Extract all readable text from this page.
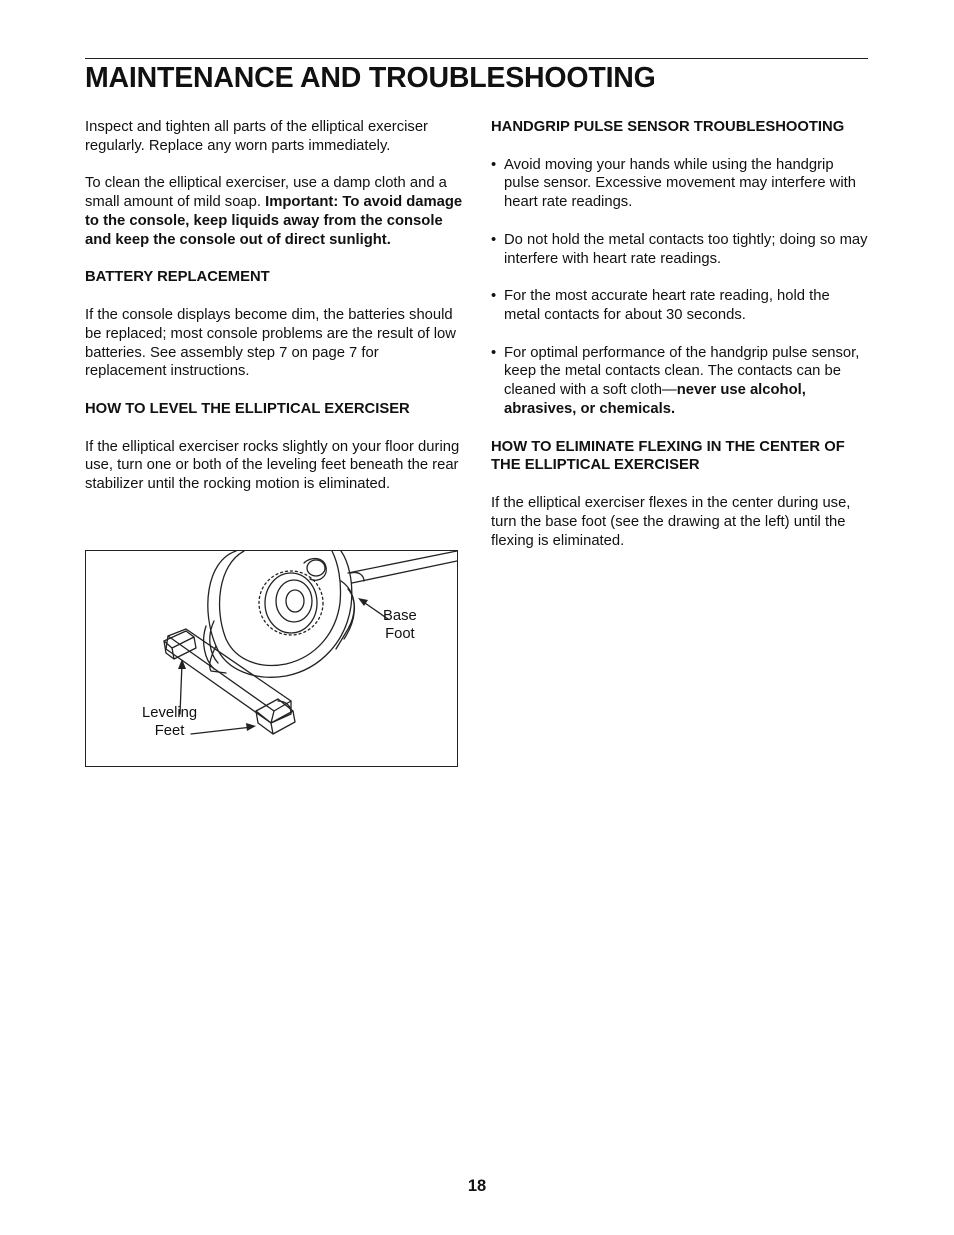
MAINTENANCE AND TROUBLESHOOTING

Inspect and tighten all parts of the elliptical exerciser regularly. Replace any worn parts immediately.

To clean the elliptical exerciser, use a damp cloth and a small amount of mild soap. Important: To avoid damage to the console, keep liquids away from the console and keep the console out of direct sunlight.

BATTERY REPLACEMENT

If the console displays become dim, the batteries should be replaced; most console problems are the result of low batteries. See assembly step 7 on page 7 for replacement instructions.

HOW TO LEVEL THE ELLIPTICAL EXERCISER

If the elliptical exerciser rocks slightly on your floor during use, turn one or both of the leveling feet beneath the rear stabilizer until the rocking motion is eliminated.

Base
Foot
Leveling
Feet
HANDGRIP PULSE SENSOR TROUBLESHOOTING
• Avoid moving your hands while using the handgrip pulse sensor. Excessive movement may interfere with heart rate readings.
• Do not hold the metal contacts too tightly; doing so may interfere with heart rate readings.
• For the most accurate heart rate reading, hold the metal contacts for about 30 seconds.
• For optimal performance of the handgrip pulse sensor, keep the metal contacts clean. The contacts can be cleaned with a soft cloth—never use alcohol, abrasives, or chemicals.
HOW TO ELIMINATE FLEXING IN THE CENTER OF THE ELLIPTICAL EXERCISER

If the elliptical exerciser flexes in the center during use, turn the base foot (see the drawing at the left) until the flexing is eliminated.

18
